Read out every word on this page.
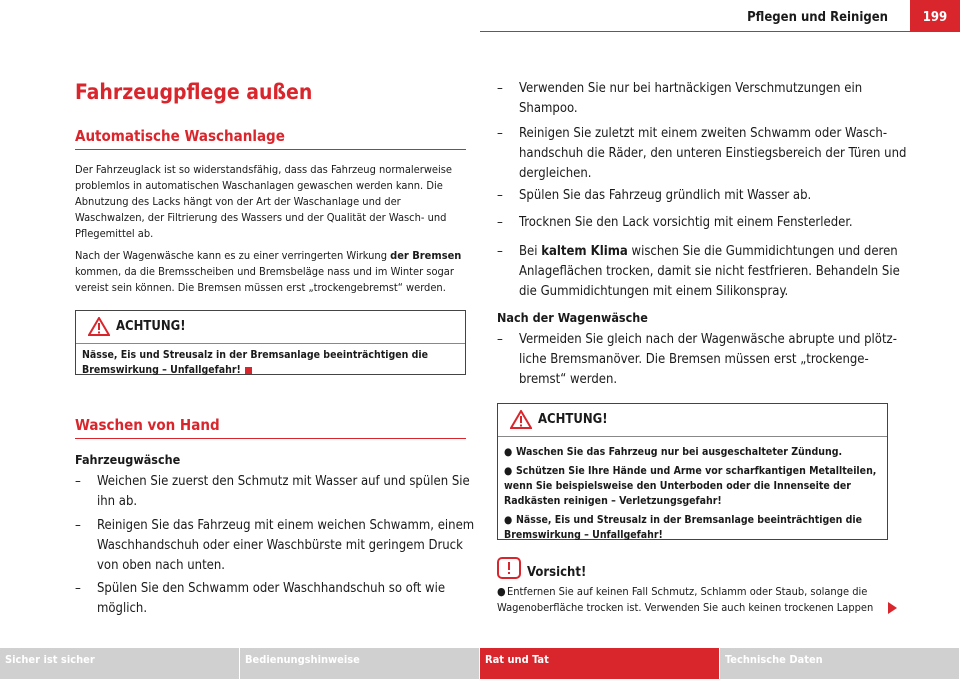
Pflegen und Reinigen	199
Fahrzeugpflege außen
Automatische Waschanlage
Der Fahrzeuglack ist so widerstandsfähig, dass das Fahrzeug normalerweise problemlos in automatischen Waschanlagen gewaschen werden kann. Die Abnutzung des Lacks hängt von der Art der Waschanlage und der Waschwalzen, der Filtrierung des Wassers und der Qualität der Wasch- und Pflegemittel ab.
Nach der Wagenwäsche kann es zu einer verringerten Wirkung der Bremsen kommen, da die Bremsscheiben und Bremsbeläge nass und im Winter sogar vereist sein können. Die Bremsen müssen erst „trockengebremst“ werden.
ACHTUNG!
Nässe, Eis und Streusalz in der Bremsanlage beeinträchtigen die Bremswirkung – Unfallgefahr!
Waschen von Hand
Fahrzeugwäsche
– Weichen Sie zuerst den Schmutz mit Wasser auf und spülen Sie ihn ab.
– Reinigen Sie das Fahrzeug mit einem weichen Schwamm, einem Waschhandschuh oder einer Waschbürste mit geringem Druck von oben nach unten.
– Spülen Sie den Schwamm oder Waschhandschuh so oft wie möglich.
– Verwenden Sie nur bei hartnäckigen Verschmutzungen ein Shampoo.
– Reinigen Sie zuletzt mit einem zweiten Schwamm oder Waschhandschuh die Räder, den unteren Einstiegsbereich der Türen und dergleichen.
– Spülen Sie das Fahrzeug gründlich mit Wasser ab.
– Trocknen Sie den Lack vorsichtig mit einem Fensterleder.
– Bei kaltem Klima wischen Sie die Gummidichtungen und deren Anlageflächen trocken, damit sie nicht festfrieren. Behandeln Sie die Gummidichtungen mit einem Silikonspray.
Nach der Wagenwäsche
– Vermeiden Sie gleich nach der Wagenwäsche abrupte und plötzliche Bremsmanöver. Die Bremsen müssen erst „trockengebremst“ werden.
ACHTUNG!
● Waschen Sie das Fahrzeug nur bei ausgeschalteter Zündung.
● Schützen Sie Ihre Hände und Arme vor scharfkantigen Metallteilen, wenn Sie beispielsweise den Unterboden oder die Innenseite der Radkästen reinigen – Verletzungsgefahr!
● Nässe, Eis und Streusalz in der Bremsanlage beeinträchtigen die Bremswirkung – Unfallgefahr!
Vorsicht!
●Entfernen Sie auf keinen Fall Schmutz, Schlamm oder Staub, solange die Wagenoberfläche trocken ist. Verwenden Sie auch keinen trockenen Lappen
Sicher ist sicher	Bedienungshinweise	Rat und Tat	Technische Daten
